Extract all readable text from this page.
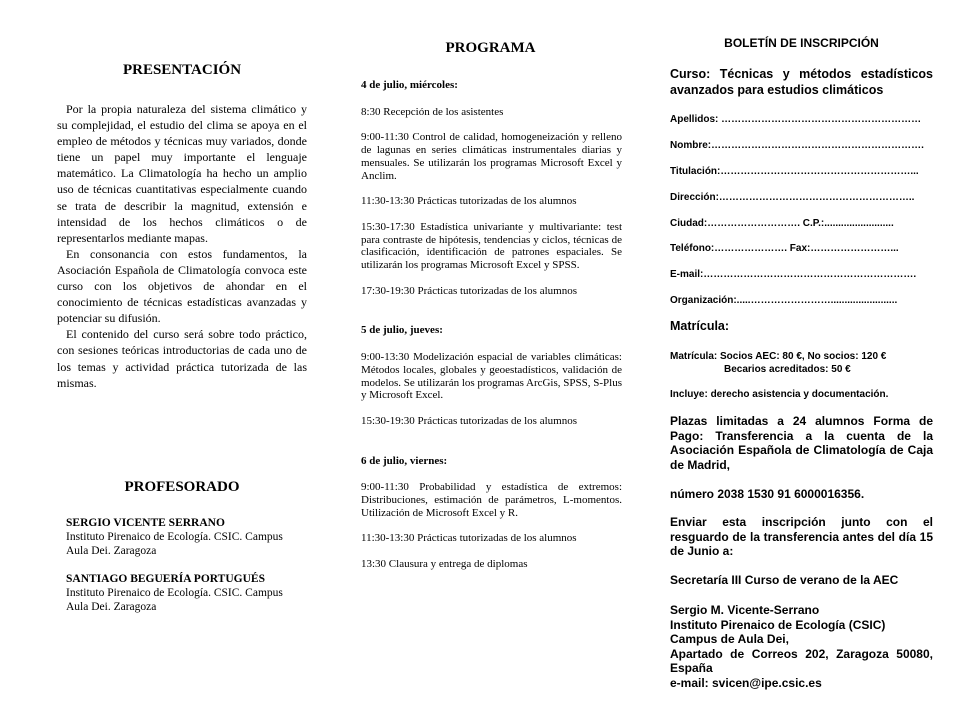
PRESENTACIÓN

Por la propia naturaleza del sistema climático y su complejidad, el estudio del clima se apoya en el empleo de métodos y técnicas muy variados, donde tiene un papel muy importante el lenguaje matemático. La Climatología ha hecho un amplio uso de técnicas cuantitativas especialmente cuando se trata de describir la magnitud, extensión e intensidad de los hechos climáticos o de representarlos mediante mapas.

En consonancia con estos fundamentos, la Asociación Española de Climatología convoca este curso con los objetivos de ahondar en el conocimiento de técnicas estadísticas avanzadas y potenciar su difusión.

El contenido del curso será sobre todo práctico, con sesiones teóricas introductorias de cada uno de los temas y actividad práctica tutorizada de las mismas.

PROFESORADO
SERGIO VICENTE SERRANO
Instituto Pirenaico de Ecología. CSIC. Campus Aula Dei. Zaragoza
SANTIAGO BEGUERÍA PORTUGUÉS
Instituto Pirenaico de Ecología. CSIC. Campus Aula Dei. Zaragoza
PROGRAMA
4 de julio, miércoles:
8:30 Recepción de los asistentes
9:00-11:30 Control de calidad, homogeneización y relleno de lagunas en series climáticas instrumentales diarias y mensuales. Se utilizarán los programas Microsoft Excel y Anclim.
11:30-13:30 Prácticas tutorizadas de los alumnos
15:30-17:30 Estadística univariante y multivariante: test para contraste de hipótesis, tendencias y ciclos, técnicas de clasificación, identificación de patrones espaciales. Se utilizarán los programas Microsoft Excel y SPSS.
17:30-19:30 Prácticas tutorizadas de los alumnos
5 de julio, jueves:
9:00-13:30 Modelización espacial de variables climáticas: Métodos locales, globales y geoestadísticos, validación de modelos. Se utilizarán los programas ArcGis, SPSS, S-Plus y Microsoft Excel.
15:30-19:30 Prácticas tutorizadas de los alumnos
6 de julio, viernes:
9:00-11:30 Probabilidad y estadística de extremos: Distribuciones, estimación de parámetros, L-momentos. Utilización de Microsoft Excel y R.
11:30-13:30 Prácticas tutorizadas de los alumnos
13:30 Clausura y entrega de diplomas
BOLETÍN DE INSCRIPCIÓN
Curso: Técnicas y métodos estadísticos avanzados para estudios climáticos
Apellidos: ……………………………………………………
Nombre:……………………………………………………….
Titulación:…………………………………………………...
Dirección:…………………………………………………..
Ciudad:………………………. C.P.:.........................
Teléfono:…………………. Fax:……………………...
E-mail:……………………………………………………….
Organización:.....……………………........................
Matrícula:
Matrícula: Socios AEC: 80 €, No socios: 120 €
Becarios acreditados: 50 €
Incluye: derecho asistencia y documentación.
Plazas limitadas a 24 alumnos Forma de Pago: Transferencia a la cuenta de la Asociación Española de Climatología de Caja de Madrid,
número 2038 1530 91 6000016356.
Enviar esta inscripción junto con el resguardo de la transferencia antes del día 15 de Junio a:
Secretaría III Curso de verano de la AEC
Sergio M. Vicente-Serrano
Instituto Pirenaico de Ecología (CSIC)
Campus de Aula Dei,
Apartado de Correos 202, Zaragoza 50080, España
e-mail: svicen@ipe.csic.es
